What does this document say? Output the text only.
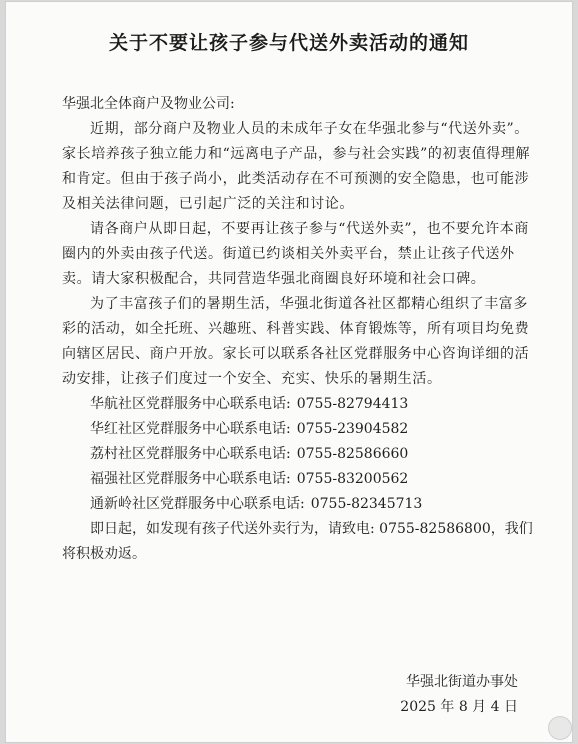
关于不要让孩子参与代送外卖活动的通知

华强北全体商户及物业公司:

近期，部分商户及物业人员的未成年子女在华强北参与“代送外卖”。家长培养孩子独立能力和“远离电子产品，参与社会实践”的初衷值得理解和肯定。但由于孩子尚小，此类活动存在不可预测的安全隐患，也可能涉及相关法律问题，已引起广泛的关注和讨论。

请各商户从即日起，不要再让孩子参与“代送外卖”，也不要允许本商圈内的外卖由孩子代送。街道已约谈相关外卖平台，禁止让孩子代送外卖。请大家积极配合，共同营造华强北商圈良好环境和社会口碑。

为了丰富孩子们的暑期生活，华强北街道各社区都精心组织了丰富多彩的活动，如全托班、兴趣班、科普实践、体育锻炼等，所有项目均免费向辖区居民、商户开放。家长可以联系各社区党群服务中心咨询详细的活动安排，让孩子们度过一个安全、充实、快乐的暑期生活。

华航社区党群服务中心联系电话: 0755-82794413
华红社区党群服务中心联系电话: 0755-23904582
荔村社区党群服务中心联系电话: 0755-82586660
福强社区党群服务中心联系电话: 0755-83200562
通新岭社区党群服务中心联系电话: 0755-82345713

即日起，如发现有孩子代送外卖行为，请致电: 0755-82586800，我们将积极劝返。

华强北街道办事处
2025 年 8 月 4 日
